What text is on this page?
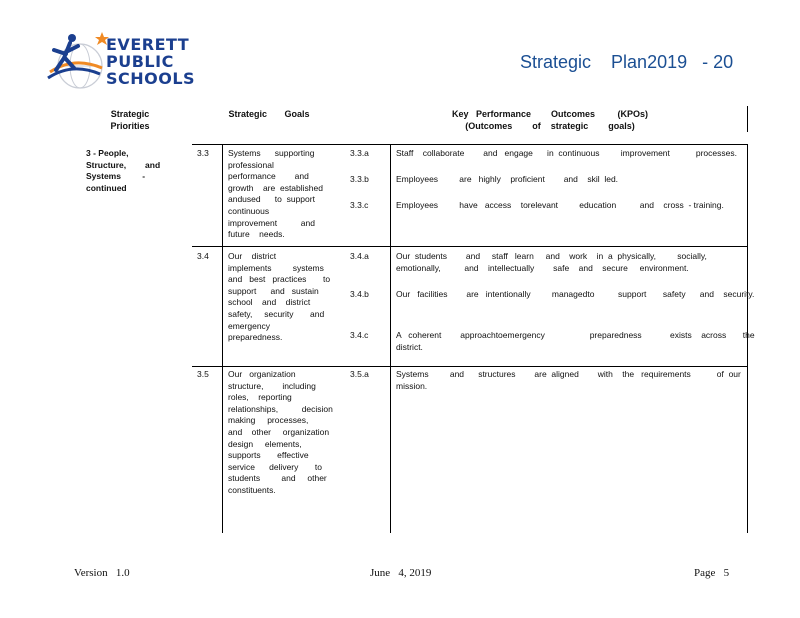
EVERETT
PUBLIC
SCHOOLS
Strategic    Plan2019   - 20
Strategic
Priorities
Strategic       Goals	Key   Performance        Outcomes         (KPOs)
(Outcomes        of    strategic        goals)
3 - People,
Structure,        and
Systems         -
continued
3.3 Systems      supporting
professional
performance        and
growth    are  established
andused      to  support
continuous
improvement          and
future    needs.
3.3.a	Staff    collaborate        and   engage      in  continuous         improvement           processes.
3.3.b	Employees         are   highly    proficient        and    skil  led.
3.3.c	Employees         have   access    torelevant         education          and    cross  - training.
3.4 Our    district
implements         systems
and   best   practices       to
support      and   sustain
school    and    district
safety,     security       and
emergency
preparedness.
3.4.a	Our  students        and     staff   learn     and    work    in  a  physically,         socially,
emotionally,          and    intellectually        safe    and    secure     environment.
3.4.b	Our   facilities        are   intentionally         managedto          support       safety      and    security.
3.4.c	A   coherent        approachtoemergency                   preparedness            exists    across       the
district.
3.5 Our   organization
structure,        including
roles,    reporting
relationships,          decision
making     processes,
and    other     organization
design     elements,
supports       effective
service      delivery       to
students         and     other
constituents.
3.5.a	Systems         and      structures        are  aligned        with    the   requirements           of  our
mission.
Version   1.0	June   4, 2019	Page   5
